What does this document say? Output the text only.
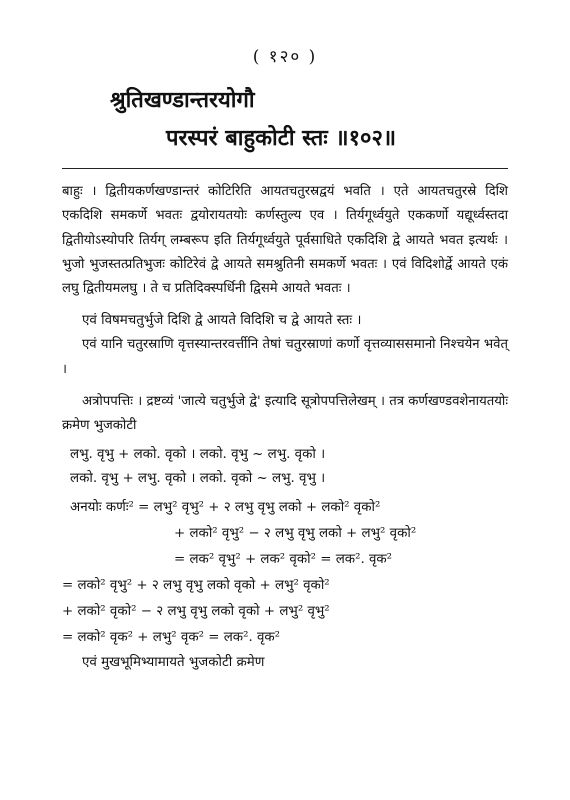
( १२० )
श्रुतिखण्डान्तरयोगौ
परस्परं बाहुकोटी स्तः ॥१०२॥
बाहुः । द्वितीयकर्णखण्डान्तरं कोटिरिति आयतचतुरस्रद्वयं भवति । एते आयतचतुरस्रे दिशि एकदिशि समकर्णे भवतः द्वयोरायतयोः कर्णस्तुल्य एव । तिर्यगूर्ध्वयुते एककर्णो यद्यूर्ध्वस्तदा द्वितीयोऽस्योपरि तिर्यग् लम्बरूप इति तिर्यगूर्ध्वयुते पूर्वसाधिते एकदिशि द्वे आयते भवत इत्यर्थः । भुजो भुजस्तत्प्रतिभुजः कोटिरेवं द्वे आयते समश्रुतिनी समकर्णे भवतः । एवं विदिशोर्द्वे आयते एकं लघु द्वितीयमलघु । ते च प्रतिदिक्स्पर्धिनी द्विसमे आयते भवतः ।
एवं विषमचतुर्भुजे दिशि द्वे आयते विदिशि च द्वे आयते स्तः ।
एवं यानि चतुरस्राणि वृत्तस्यान्तरवर्त्तीनि तेषां चतुरस्राणां कर्णो वृत्तव्याससमानो निश्चयेन भवेत् ।
अत्रोपपत्तिः । द्रष्टव्यं 'जात्ये चतुर्भुजे द्वे' इत्यादि सूत्रोपपत्तिलेखम् । तत्र कर्णखण्डवशेनायतयोः क्रमेण भुजकोटी
लभु. वृभु + लको. वृको । लको. वृभु ~ लभु. वृको ।
लको. वृभु + लभु. वृको । लको. वृको ~ लभु. वृभु ।
अनयोः कर्णः² = लभु² वृभु² + २ लभु वृभु लको + लको² वृको²
+ लको² वृभु² − २ लभु वृभु लको + लभु² वृको²
= लक² वृभु² + लक² वृको² = लक². वृक²
= लको² वृभु² + २ लभु वृभु लको वृको + लभु² वृको²
+ लको² वृको² − २ लभु वृभु लको वृको + लभु² वृभु²
= लको² वृक² + लभु² वृक² = लक². वृक²
एवं मुखभूमिभ्यामायते भुजकोटी क्रमेण
